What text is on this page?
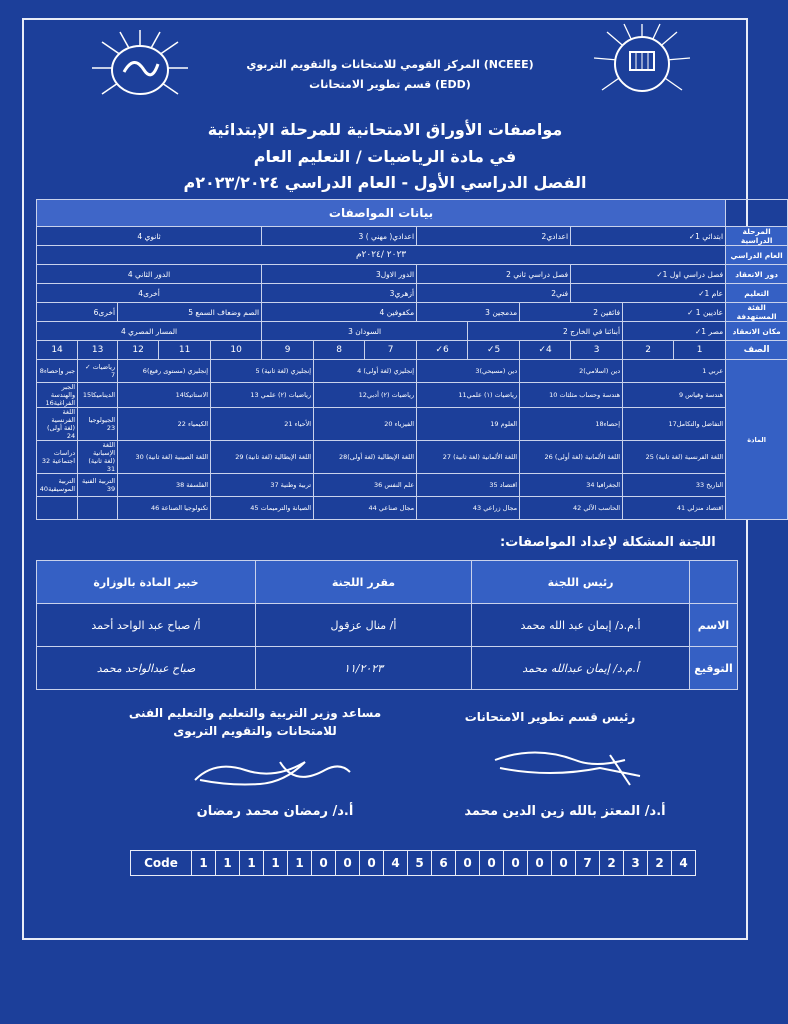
المركز القومي للامتحانات والتقويم التربوي (NCEEE)
قسم تطوير الامتحانات (EDD)
مواصفات الأوراق الامتحانية للمرحلة الإبتدائية
في مادة الرياضيات / التعليم العام
الفصل الدراسي الأول - العام الدراسي ٢٠٢٣/٢٠٢٤م
	بيانات المواصفات													
المرحلة الدراسية	ابتدائي 1✓			اعدادي2			اعدادي( مهني ) 3			ثانوي 4				
العام الدراسي	٢٠٢٣ /٢٠٢٤م													
دور الانعقاد	فصل دراسي اول 1✓			فصل دراسي ثاني 2			الدور الاول3			الدور الثاني 4				
التعليم	عام 1✓			فني2			أزهري3			أخرى4				
الفئة المستهدفة	عاديين 1 ✓		فائقين 2		مدمجين 3		مكفوفين 4			الصم وضعاف السمع 5			أخرى6	
مكان الانعقاد	مصر 1✓		أبنائنا في الخارج 2			السودان 3				المسار المصري 4				
الصف	1	2	3	4✓	5✓	6✓	7	8	9	10	11	12	13	14
المادة	عربي 1		دين (اسلامي)2		دين (مسيحي)3		إنجليزي (لغة أولى) 4		إنجليزي (لغة ثانية) 5		إنجليزي (مستوى رفيع)6		رياضيات ✓ 7	جبر وإحصاء8
	هندسة وقياس 9		هندسة وحساب مثلثات 10		رياضيات (١) علمي11		رياضيات (٢) أدبي12		رياضيات (٢) علمي 13		الاستاتيكا14		الديناميكا15	الجبر والهندسة الفراغية16
	التفاضل والتكامل17		إحصاء18		العلوم 19		الفيزياء 20		الأحياء 21		الكيمياء 22		الجيولوجيا 23	اللغة الفرنسية (لغة أولى) 24
	اللغة الفرنسية (لغة ثانية) 25		اللغة الألمانية (لغة أولى) 26		اللغة الألمانية (لغة ثانية) 27		اللغة الإيطالية (لغة أولى)28		اللغة الإيطالية (لغة ثانية) 29		اللغة الصينية (لغة ثانية) 30		اللغة الإسبانية (لغة ثانية) 31	دراسات اجتماعية 32
	التاريخ 33		الجغرافيا 34		اقتصاد 35		علم النفس 36		تربية وطنية 37		الفلسفة 38		التربية الفنية 39	التربية الموسيقية40
	اقتصاد منزلي 41		الحاسب الآلي 42		مجال زراعي 43		مجال صناعي 44		الصيانة والترميمات 45		تكنولوجيا الصناعة 46			
اللجنة المشكلة لإعداد المواصفات:
	رئيس اللجنة	مقرر اللجنة	خبير المادة بالوزارة
الاسم	أ.م.د/ إيمان عبد الله محمد	أ/ منال عزقول	أ/ صباح عبد الواحد أحمد
التوقيع	أ.م.د/ إيمان عبدالله محمد	١١/٢٠٢٣	صباح عبدالواحد محمد
مساعد وزير التربية والتعليم والتعليم الفنى
للامتحانات والتقويم التربوى
رئيس قسم تطوير الامتحانات
أ.د/ رمضان محمد رمضان	أ.د/ المعتز بالله زين الدين محمد
Code	1	1	1	1	1	0	0	0	4	5	6	0	0	0	0	0	7	2	3	2	4
